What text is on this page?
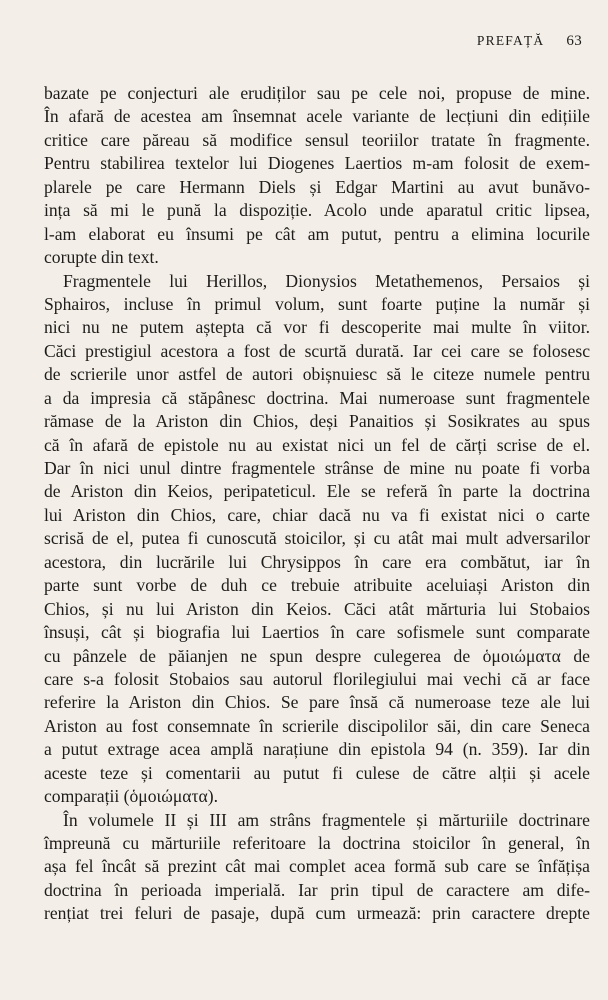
PREFAȚĂ 63
bazate pe conjecturi ale erudiților sau pe cele noi, propuse de mine.
În afară de acestea am însemnat acele variante de lecțiuni din edițiile
critice care păreau să modifice sensul teoriilor tratate în fragmente.
Pentru stabilirea textelor lui Diogenes Laertios m-am folosit de exem-
plarele pe care Hermann Diels și Edgar Martini au avut bunăvo-
ința să mi le pună la dispoziție. Acolo unde aparatul critic lipsea,
l-am elaborat eu însumi pe cât am putut, pentru a elimina locurile
corupte din text.
Fragmentele lui Herillos, Dionysios Metathemenos, Persaios și
Sphairos, incluse în primul volum, sunt foarte puține la număr și
nici nu ne putem aștepta că vor fi descoperite mai multe în viitor.
Căci prestigiul acestora a fost de scurtă durată. Iar cei care se folosesc
de scrierile unor astfel de autori obișnuiesc să le citeze numele pentru
a da impresia că stăpânesc doctrina. Mai numeroase sunt fragmentele
rămase de la Ariston din Chios, deși Panaitios și Sosikrates au spus
că în afară de epistole nu au existat nici un fel de cărți scrise de el.
Dar în nici unul dintre fragmentele strânse de mine nu poate fi vorba
de Ariston din Keios, peripateticul. Ele se referă în parte la doctrina
lui Ariston din Chios, care, chiar dacă nu va fi existat nici o carte
scrisă de el, putea fi cunoscută stoicilor, și cu atât mai mult adversarilor
acestora, din lucrările lui Chrysippos în care era combătut, iar în
parte sunt vorbe de duh ce trebuie atribuite aceluiași Ariston din
Chios, și nu lui Ariston din Keios. Căci atât mărturia lui Stobaios
însuși, cât și biografia lui Laertios în care sofismele sunt comparate
cu pânzele de păianjen ne spun despre culegerea de ὁμοιώματα de
care s-a folosit Stobaios sau autorul florilegiului mai vechi că ar face
referire la Ariston din Chios. Se pare însă că numeroase teze ale lui
Ariston au fost consemnate în scrierile discipolilor săi, din care Seneca
a putut extrage acea amplă narațiune din epistola 94 (n. 359). Iar din
aceste teze și comentarii au putut fi culese de către alții și acele
comparații (ὁμοιώματα).
În volumele II și III am strâns fragmentele și mărturiile doctrinare
împreună cu mărturiile referitoare la doctrina stoicilor în general, în
așa fel încât să prezint cât mai complet acea formă sub care se înfățișa
doctrina în perioada imperială. Iar prin tipul de caractere am dife-
rențiat trei feluri de pasaje, după cum urmează: prin caractere drepte
